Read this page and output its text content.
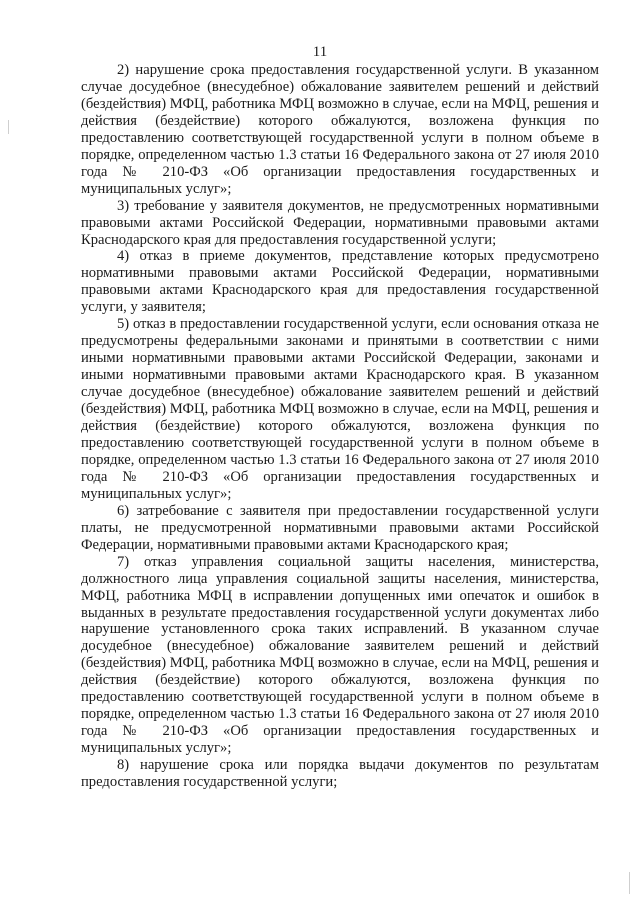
11

2) нарушение срока предоставления государственной услуги. В указанном случае досудебное (внесудебное) обжалование заявителем решений и действий (бездействия) МФЦ, работника МФЦ возможно в случае, если на МФЦ, решения и действия (бездействие) которого обжалуются, возложена функция по предоставлению соответствующей государственной услуги в полном объеме в порядке, определенном частью 1.3 статьи 16 Федерального закона от 27 июля 2010 года № 210-ФЗ «Об организации предоставления государственных и муниципальных услуг»;

3) требование у заявителя документов, не предусмотренных нормативными правовыми актами Российской Федерации, нормативными правовыми актами Краснодарского края для предоставления государственной услуги;

4) отказ в приеме документов, представление которых предусмотрено нормативными правовыми актами Российской Федерации, нормативными правовыми актами Краснодарского края для предоставления государственной услуги, у заявителя;

5) отказ в предоставлении государственной услуги, если основания отказа не предусмотрены федеральными законами и принятыми в соответствии с ними иными нормативными правовыми актами Российской Федерации, законами и иными нормативными правовыми актами Краснодарского края. В указанном случае досудебное (внесудебное) обжалование заявителем решений и действий (бездействия) МФЦ, работника МФЦ возможно в случае, если на МФЦ, решения и действия (бездействие) которого обжалуются, возложена функция по предоставлению соответствующей государственной услуги в полном объеме в порядке, определенном частью 1.3 статьи 16 Федерального закона от 27 июля 2010 года № 210-ФЗ «Об организации предоставления государственных и муниципальных услуг»;

6) затребование с заявителя при предоставлении государственной услуги платы, не предусмотренной нормативными правовыми актами Российской Федерации, нормативными правовыми актами Краснодарского края;

7) отказ управления социальной защиты населения, министерства, должностного лица управления социальной защиты населения, министерства, МФЦ, работника МФЦ в исправлении допущенных ими опечаток и ошибок в выданных в результате предоставления государственной услуги документах либо нарушение установленного срока таких исправлений. В указанном случае досудебное (внесудебное) обжалование заявителем решений и действий (бездействия) МФЦ, работника МФЦ возможно в случае, если на МФЦ, решения и действия (бездействие) которого обжалуются, возложена функция по предоставлению соответствующей государственной услуги в полном объеме в порядке, определенном частью 1.3 статьи 16 Федерального закона от 27 июля 2010 года № 210-ФЗ «Об организации предоставления государственных и муниципальных услуг»;

8) нарушение срока или порядка выдачи документов по результатам предоставления государственной услуги;
